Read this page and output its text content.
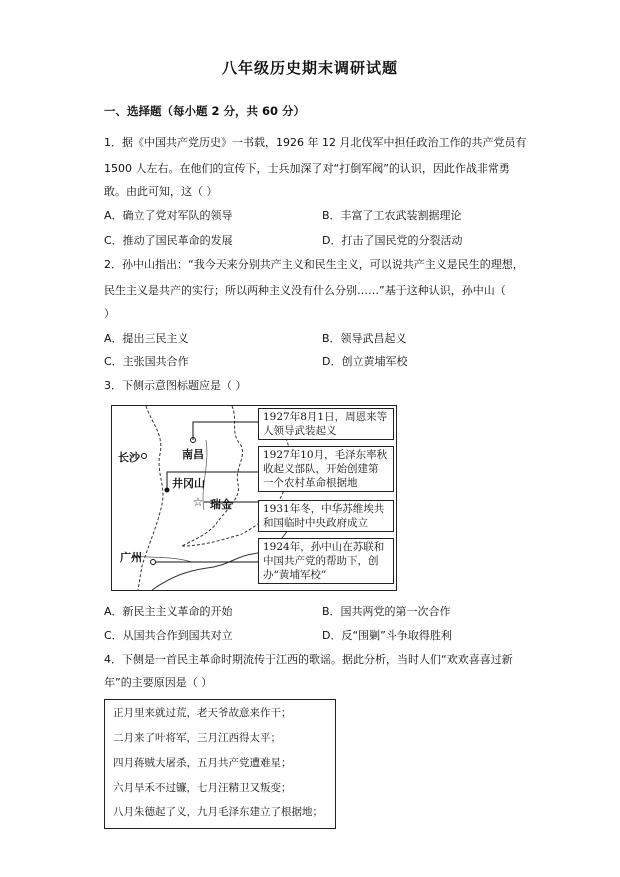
八年级历史期末调研试题
一、选择题（每小题 2 分，共 60 分）
1．据《中国共产党历史》一书载，1926 年 12 月北伐军中担任政治工作的共产党员有
1500 人左右。在他们的宣传下，士兵加深了对“打倒军阀”的认识，因此作战非常勇
敢。由此可知，这（ ）
A．确立了党对军队的领导	B．丰富了工农武装割据理论
C．推动了国民革命的发展	D．打击了国民党的分裂活动
2．孙中山指出：“我今天来分别共产主义和民生主义，可以说共产主义是民生的理想，
民生主义是共产的实行；所以两种主义没有什么分别……”基于这种认识，孙中山（
）
A．提出三民主义	B．领导武昌起义
C．主张国共合作	D．创立黄埔军校
3．下侧示意图标题应是（ ）
☆
长沙	南昌
井冈山
瑞金
广州
1927年8月1日，周恩来等
人领导武装起义
1927年10月，毛泽东率秋
收起义部队，开始创建第
一个农村革命根据地
1931年冬，中华苏维埃共
和国临时中央政府成立
1924年，孙中山在苏联和
中国共产党的帮助下，创
办“黄埔军校”
A．新民主主义革命的开始	B．国共两党的第一次合作
C．从国共合作到国共对立	D．反“围剿”斗争取得胜利
4．下侧是一首民主革命时期流传于江西的歌谣。据此分析，当时人们“欢欢喜喜过新
年”的主要原因是（ ）
正月里来就过荒，老天爷故意来作干；
二月来了叶将军，三月江西得太平；
四月蒋贼大屠杀，五月共产党遭难星；
六月旱禾不过镰，七月汪精卫又叛变；
八月朱德起了义，九月毛泽东建立了根据地；
